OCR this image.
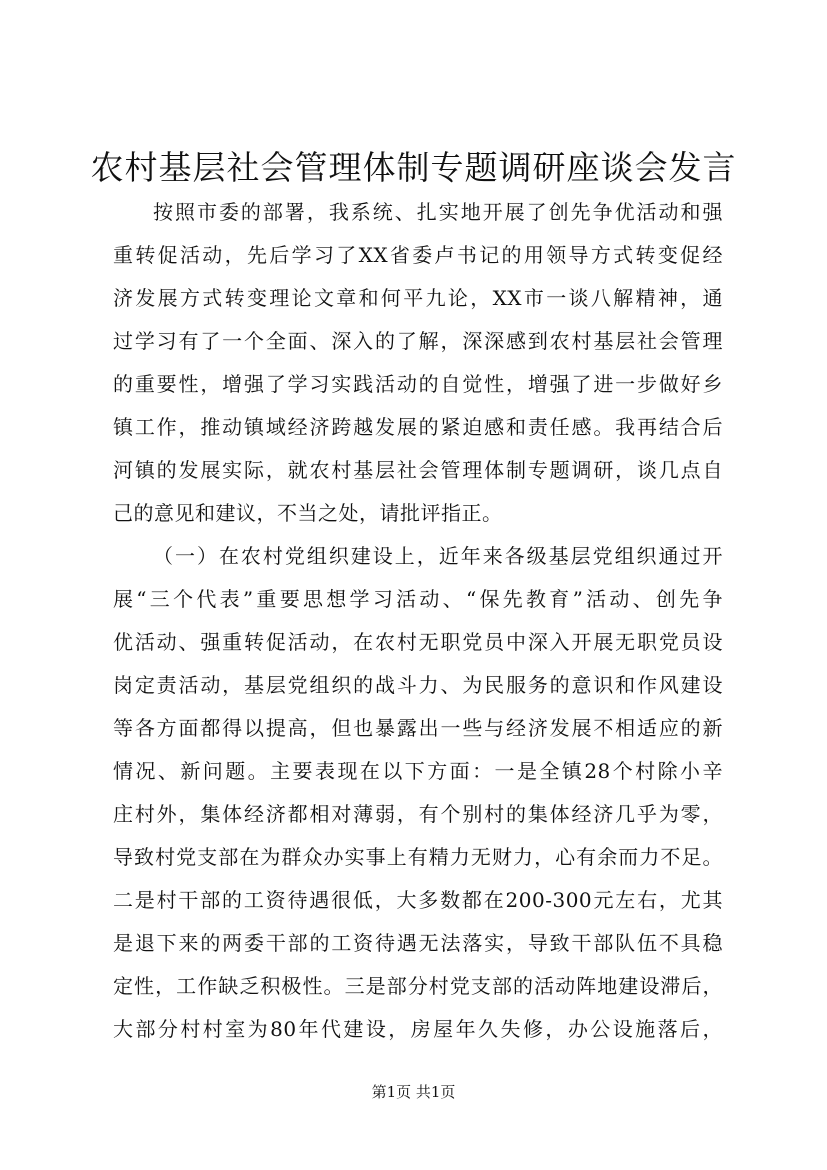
农村基层社会管理体制专题调研座谈会发言
按照市委的部署，我系统、扎实地开展了创先争优活动和强
重转促活动，先后学习了XX省委卢书记的用领导方式转变促经
济发展方式转变理论文章和何平九论，XX市一谈八解精神，通
过学习有了一个全面、深入的了解，深深感到农村基层社会管理
的重要性，增强了学习实践活动的自觉性，增强了进一步做好乡
镇工作，推动镇域经济跨越发展的紧迫感和责任感。我再结合后
河镇的发展实际，就农村基层社会管理体制专题调研，谈几点自
己的意见和建议，不当之处，请批评指正。
（一）在农村党组织建设上，近年来各级基层党组织通过开
展“三个代表”重要思想学习活动、“保先教育”活动、创先争
优活动、强重转促活动，在农村无职党员中深入开展无职党员设
岗定责活动，基层党组织的战斗力、为民服务的意识和作风建设
等各方面都得以提高，但也暴露出一些与经济发展不相适应的新
情况、新问题。主要表现在以下方面：一是全镇28个村除小辛
庄村外，集体经济都相对薄弱，有个别村的集体经济几乎为零，
导致村党支部在为群众办实事上有精力无财力，心有余而力不足。
二是村干部的工资待遇很低，大多数都在200-300元左右，尤其
是退下来的两委干部的工资待遇无法落实，导致干部队伍不具稳
定性，工作缺乏积极性。三是部分村党支部的活动阵地建设滞后，
大部分村村室为80年代建设，房屋年久失修，办公设施落后，
第1页 共1页
